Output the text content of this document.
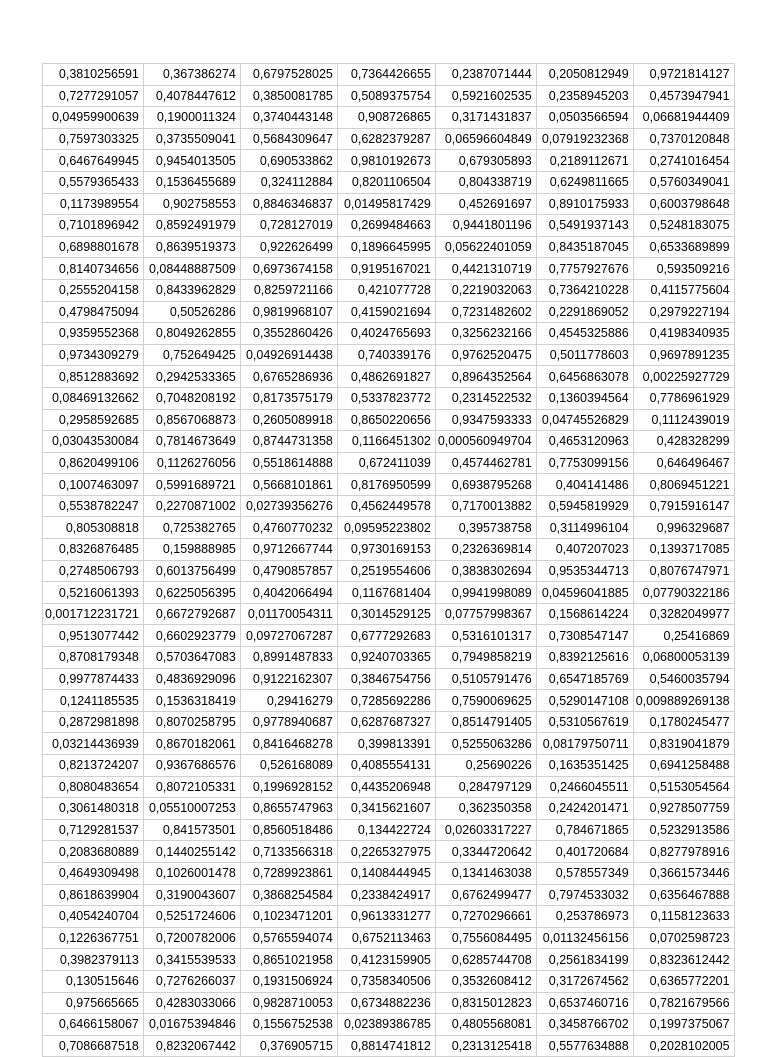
0,3810256591	0,367386274	0,6797528025	0,7364426655	0,2387071444	0,2050812949	0,9721814127
0,7277291057	0,4078447612	0,3850081785	0,5089375754	0,5921602535	0,2358945203	0,4573947941
0,04959900639	0,1900011324	0,3740443148	0,908726865	0,3171431837	0,0503566594	0,06681944409
0,7597303325	0,3735509041	0,5684309647	0,6282379287	0,06596604849	0,07919232368	0,7370120848
0,6467649945	0,9454013505	0,690533862	0,9810192673	0,679305893	0,2189112671	0,2741016454
0,5579365433	0,1536455689	0,324112884	0,8201106504	0,804338719	0,6249811665	0,5760349041
0,1173989554	0,902758553	0,8846346837	0,01495817429	0,452691697	0,8910175933	0,6003798648
0,7101896942	0,8592491979	0,728127019	0,2699484663	0,9441801196	0,5491937143	0,5248183075
0,6898801678	0,8639519373	0,922626499	0,1896645995	0,05622401059	0,8435187045	0,6533689899
0,8140734656	0,08448887509	0,6973674158	0,9195167021	0,4421310719	0,7757927676	0,593509216
0,2555204158	0,8433962829	0,8259721166	0,421077728	0,2219032063	0,7364210228	0,4115775604
0,4798475094	0,50526286	0,9819968107	0,4159021694	0,7231482602	0,2291869052	0,2979227194
0,9359552368	0,8049262855	0,3552860426	0,4024765693	0,3256232166	0,4545325886	0,4198340935
0,9734309279	0,752649425	0,04926914438	0,740339176	0,9762520475	0,5011778603	0,9697891235
0,8512883692	0,2942533365	0,6765286936	0,4862691827	0,8964352564	0,6456863078	0,00225927729
0,08469132662	0,7048208192	0,8173575179	0,5337823772	0,2314522532	0,1360394564	0,7786961929
0,2958592685	0,8567068873	0,2605089918	0,8650220656	0,9347593333	0,04745526829	0,1112439019
0,03043530084	0,7814673649	0,8744731358	0,1166451302	0,000560949704	0,4653120963	0,428328299
0,8620499106	0,1126276056	0,5518614888	0,672411039	0,4574462781	0,7753099156	0,646496467
0,1007463097	0,5991689721	0,5668101861	0,8176950599	0,6938795268	0,404141486	0,8069451221
0,5538782247	0,2270871002	0,02739356276	0,4562449578	0,7170013882	0,5945819929	0,7915916147
0,805308818	0,725382765	0,4760770232	0,09595223802	0,395738758	0,3114996104	0,996329687
0,8326876485	0,159888985	0,9712667744	0,9730169153	0,2326369814	0,407207023	0,1393717085
0,2748506793	0,6013756499	0,4790857857	0,2519554606	0,3838302694	0,9535344713	0,8076747971
0,5216061393	0,6225056395	0,4042066494	0,1167681404	0,9941998089	0,04596041885	0,07790322186
0,001712231721	0,6672792687	0,01170054311	0,3014529125	0,07757998367	0,1568614224	0,3282049977
0,9513077442	0,6602923779	0,09727067287	0,6777292683	0,5316101317	0,7308547147	0,25416869
0,8708179348	0,5703647083	0,8991487833	0,9240703365	0,7949858219	0,8392125616	0,06800053139
0,9977874433	0,4836929096	0,9122162307	0,3846754756	0,5105791476	0,6547185769	0,5460035794
0,1241185535	0,1536318419	0,29416279	0,7285692286	0,7590069625	0,5290147108	0,009889269138
0,2872981898	0,8070258795	0,9778940687	0,6287687327	0,8514791405	0,5310567619	0,1780245477
0,03214436939	0,8670182061	0,8416468278	0,399813391	0,5255063286	0,08179750711	0,8319041879
0,8213724207	0,9367686576	0,526168089	0,4085554131	0,25690226	0,1635351425	0,6941258488
0,8080483654	0,8072105331	0,1996928152	0,4435206948	0,284797129	0,2466045511	0,5153054564
0,3061480318	0,05510007253	0,8655747963	0,3415621607	0,362350358	0,2424201471	0,9278507759
0,7129281537	0,841573501	0,8560518486	0,134422724	0,02603317227	0,784671865	0,5232913586
0,2083680889	0,1440255142	0,7133566318	0,2265327975	0,3344720642	0,401720684	0,8277978916
0,4649309498	0,1026001478	0,7289923861	0,1408444945	0,1341463038	0,578557349	0,3661573446
0,8618639904	0,3190043607	0,3868254584	0,2338424917	0,6762499477	0,7974533032	0,6356467888
0,4054240704	0,5251724606	0,1023471201	0,9613331277	0,7270296661	0,253786973	0,1158123633
0,1226367751	0,7200782006	0,5765594074	0,6752113463	0,7556084495	0,01132456156	0,0702598723
0,3982379113	0,3415539533	0,8651021958	0,4123159905	0,6285744708	0,2561834199	0,8323612442
0,130515646	0,7276266037	0,1931506924	0,7358340506	0,3532608412	0,3172674562	0,6365772201
0,975665665	0,4283033066	0,9828710053	0,6734882236	0,8315012823	0,6537460716	0,7821679566
0,6466158067	0,01675394846	0,1556752538	0,02389386785	0,4805568081	0,3458766702	0,1997375067
0,7086687518	0,8232067442	0,376905715	0,8814741812	0,2313125418	0,5577634888	0,2028102005
